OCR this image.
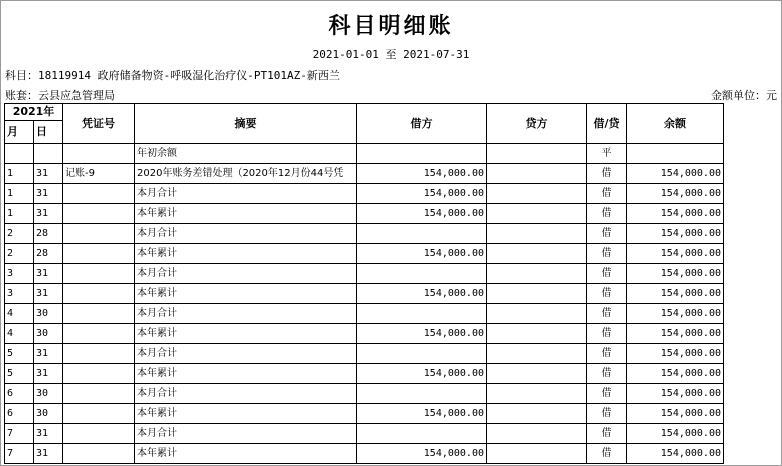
科目明细账
2021-01-01 至 2021-07-31
科目：18119914 政府储备物资-呼吸湿化治疗仪-PT101AZ-新西兰
账套：云县应急管理局	金额单位：元
2021年		凭证号	摘要	借方	贷方	借/贷	余额
月	日						
			年初余额			平	
1	31	记账-9	2020年账务差错处理（2020年12月份44号凭	154,000.00		借	154,000.00
1	31		本月合计	154,000.00		借	154,000.00
1	31		本年累计	154,000.00		借	154,000.00
2	28		本月合计			借	154,000.00
2	28		本年累计	154,000.00		借	154,000.00
3	31		本月合计			借	154,000.00
3	31		本年累计	154,000.00		借	154,000.00
4	30		本月合计			借	154,000.00
4	30		本年累计	154,000.00		借	154,000.00
5	31		本月合计			借	154,000.00
5	31		本年累计	154,000.00		借	154,000.00
6	30		本月合计			借	154,000.00
6	30		本年累计	154,000.00		借	154,000.00
7	31		本月合计			借	154,000.00
7	31		本年累计	154,000.00		借	154,000.00
